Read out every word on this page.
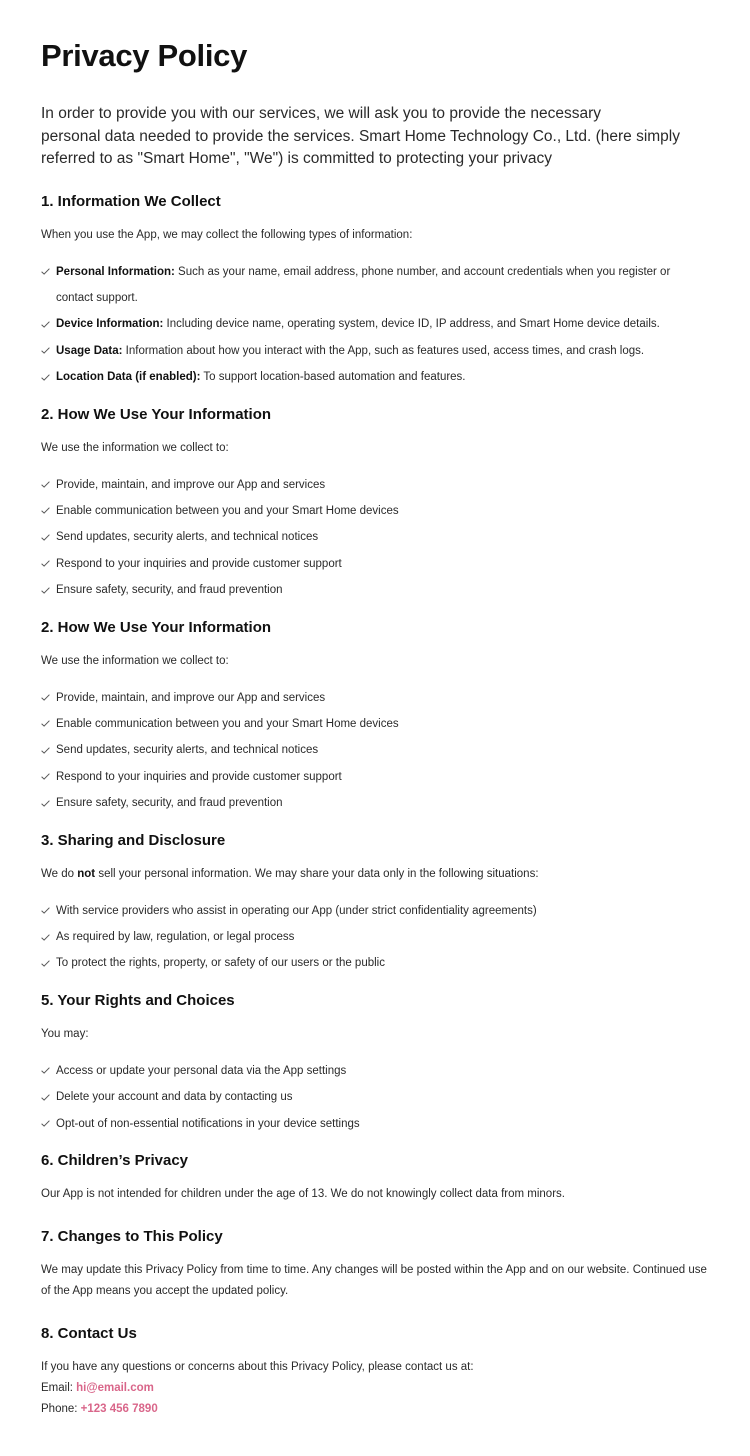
Privacy Policy

In order to provide you with our services, we will ask you to provide the necessary
personal data needed to provide the services. Smart Home Technology Co., Ltd. (here simply referred to as "Smart Home", "We") is committed to protecting your privacy

1. Information We Collect

When you use the App, we may collect the following types of information:

Personal Information: Such as your name, email address, phone number, and account credentials when you register or contact support.
Device Information: Including device name, operating system, device ID, IP address, and Smart Home device details.
Usage Data: Information about how you interact with the App, such as features used, access times, and crash logs.
Location Data (if enabled): To support location-based automation and features.
2. How We Use Your Information

We use the information we collect to:

Provide, maintain, and improve our App and services
Enable communication between you and your Smart Home devices
Send updates, security alerts, and technical notices
Respond to your inquiries and provide customer support
Ensure safety, security, and fraud prevention
2. How We Use Your Information

We use the information we collect to:

Provide, maintain, and improve our App and services
Enable communication between you and your Smart Home devices
Send updates, security alerts, and technical notices
Respond to your inquiries and provide customer support
Ensure safety, security, and fraud prevention
3. Sharing and Disclosure

We do not sell your personal information. We may share your data only in the following situations:

With service providers who assist in operating our App (under strict confidentiality agreements)
As required by law, regulation, or legal process
To protect the rights, property, or safety of our users or the public
5. Your Rights and Choices

You may:

Access or update your personal data via the App settings
Delete your account and data by contacting us
Opt-out of non-essential notifications in your device settings
6. Children’s Privacy

Our App is not intended for children under the age of 13. We do not knowingly collect data from minors.

7. Changes to This Policy

We may update this Privacy Policy from time to time. Any changes will be posted within the App and on our website. Continued use of the App means you accept the updated policy.

8. Contact Us
If you have any questions or concerns about this Privacy Policy, please contact us at:
Email: hi@email.com
Phone: +123 456 7890
